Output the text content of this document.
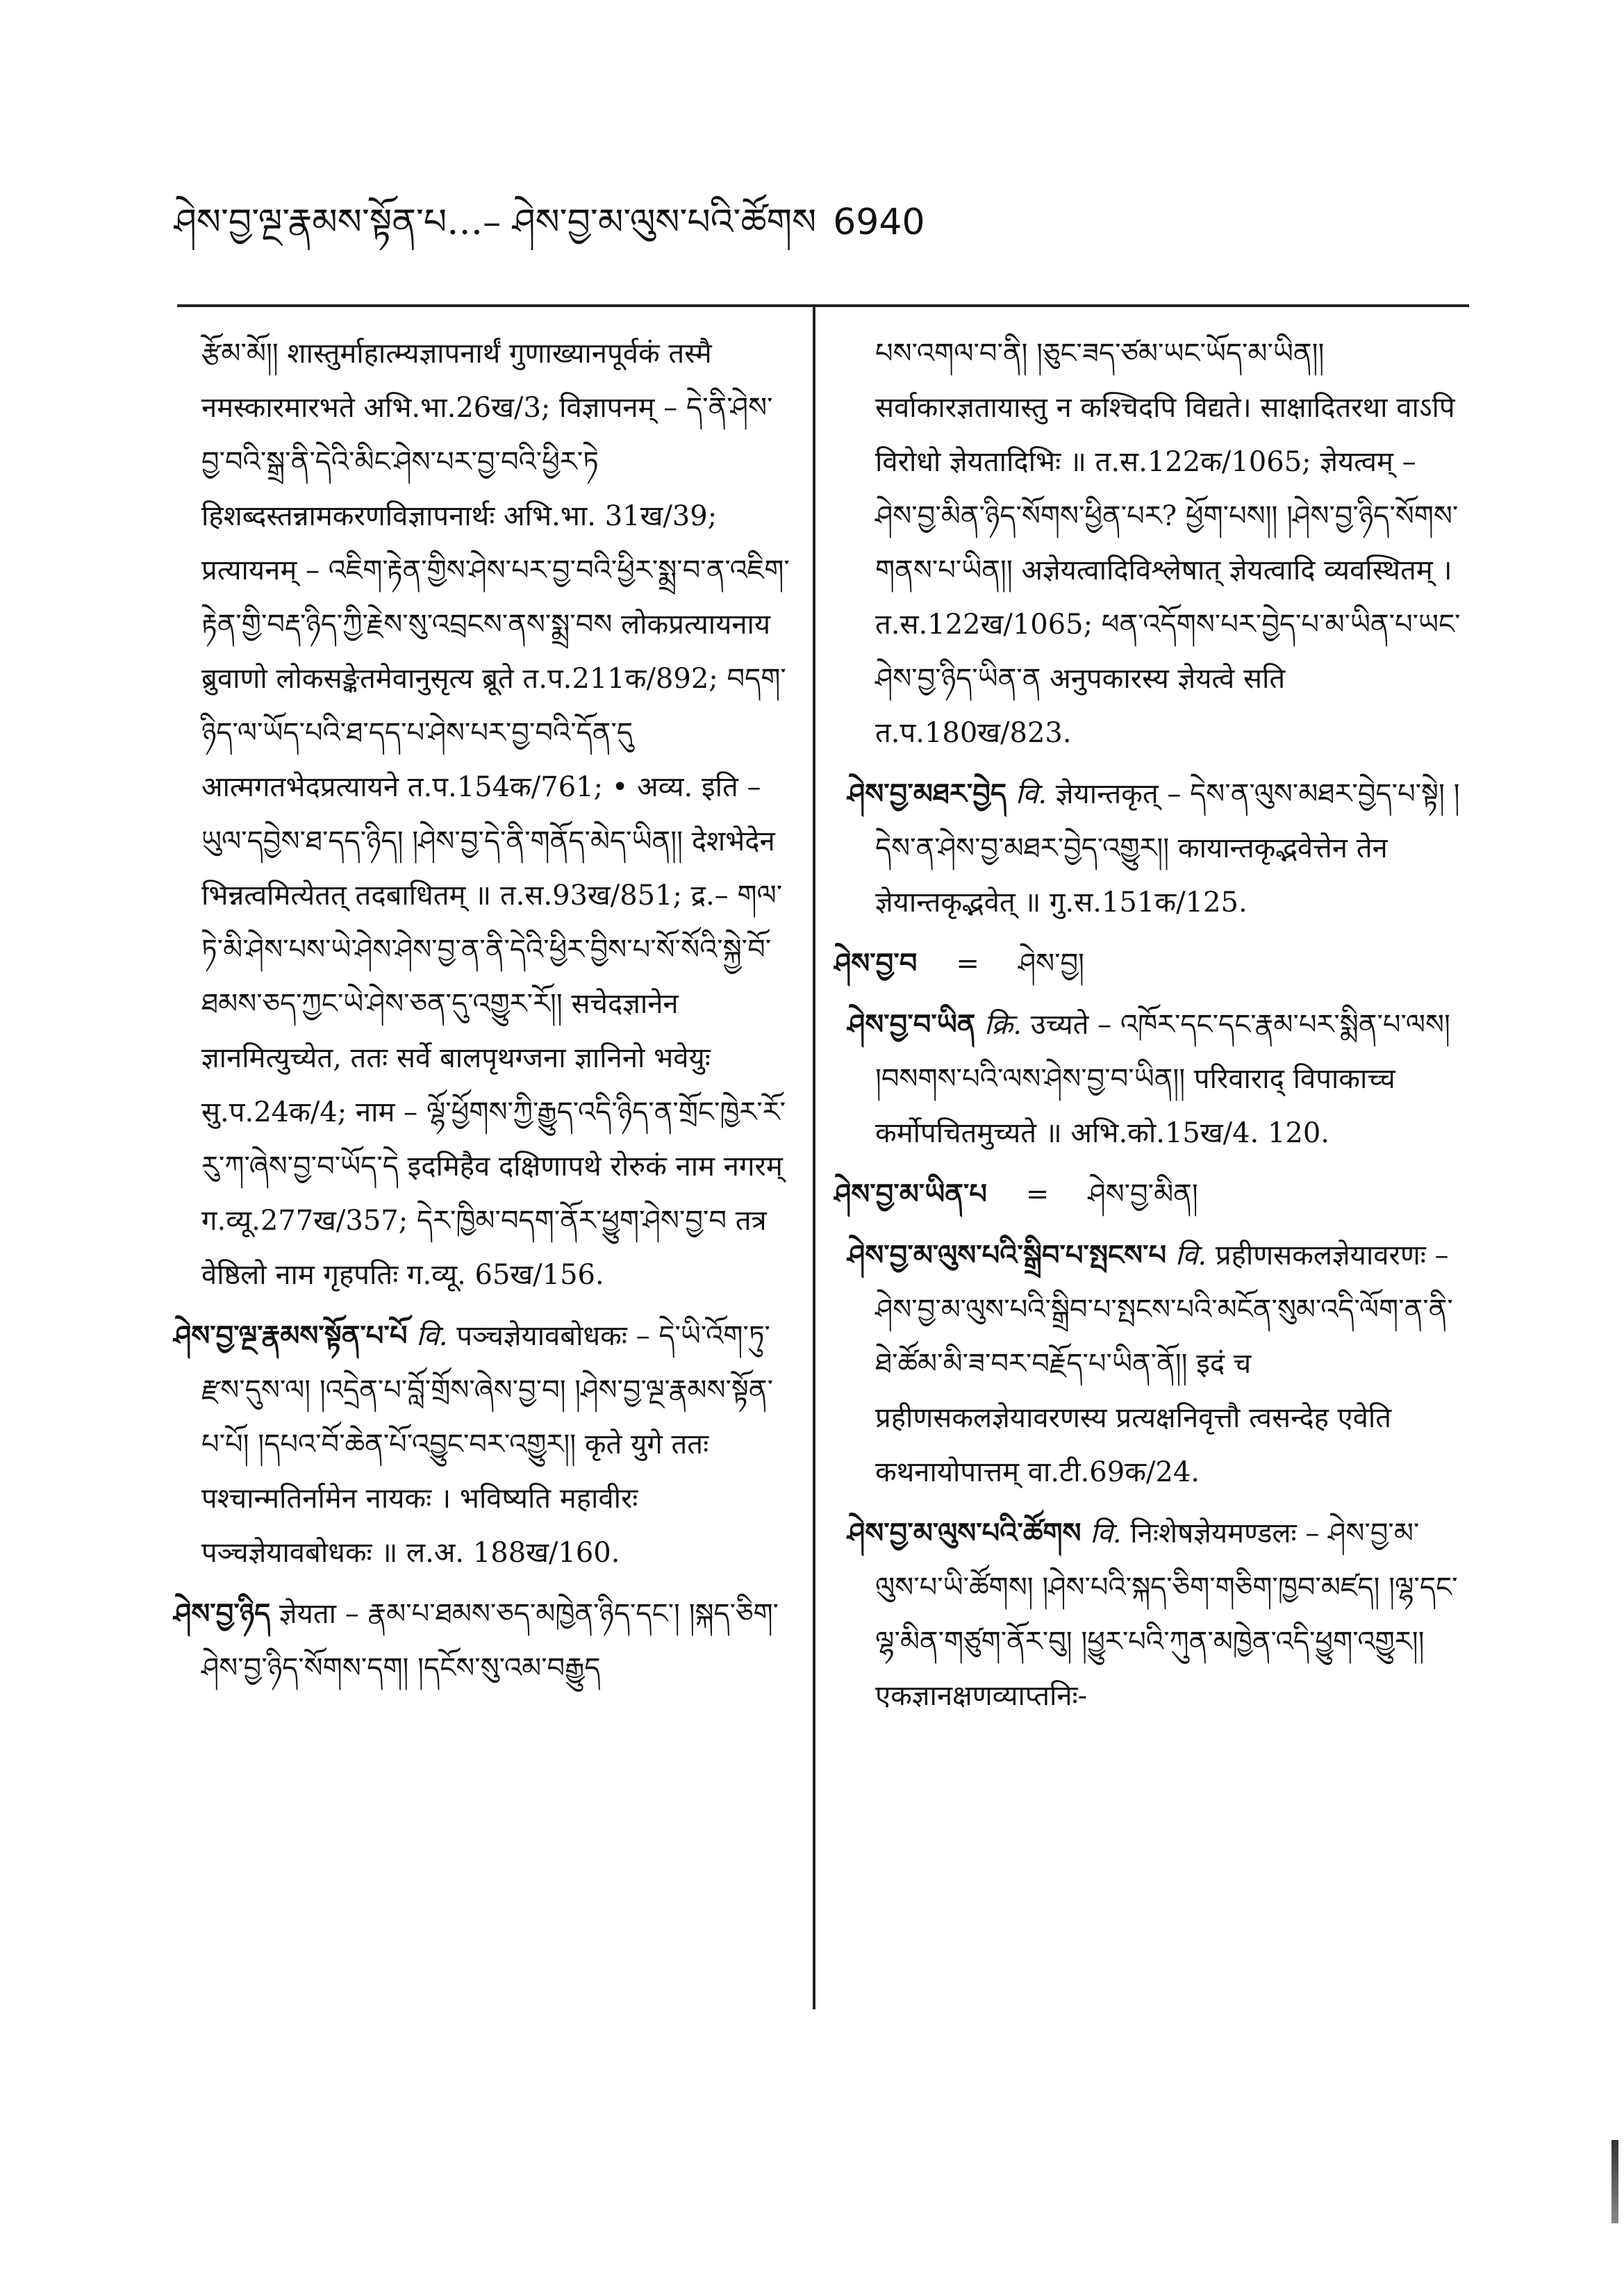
ཤེས་བྱ་ལྔ་རྣམས་སྟོན་པ…– ཤེས་བྱ་མ་ལུས་པའི་ཚོགས 6940

རྩོམ་མོ།། शास्तुर्माहात्म्यज्ञापनार्थं गुणाख्यानपूर्वकं तस्मै नमस्कारमारभते अभि.भा.26ख/3; विज्ञापनम् – དེ་ནི་ཤེས་བྱ་བའི་སྒྲ་ནི་དེའི་མིང་ཤེས་པར་བྱ་བའི་ཕྱིར་ཏེ हिशब्दस्तन्नामकरणविज्ञापनार्थः अभि.भा. 31ख/39; प्रत्यायनम् – འཇིག་རྟེན་གྱིས་ཤེས་པར་བྱ་བའི་ཕྱིར་སྨྲ་བ་ན་འཇིག་རྟེན་གྱི་བརྡ་ཉིད་ཀྱི་རྗེས་སུ་འབྲངས་ནས་སྨྲ་བས लोकप्रत्यायनाय ब्रुवाणो लोकसङ्केतमेवानुसृत्य ब्रूते त.प.211क/892; བདག་ཉིད་ལ་ཡོད་པའི་ཐ་དད་པ་ཤེས་པར་བྱ་བའི་དོན་དུ आत्मगतभेदप्रत्यायने त.प.154क/761; • अव्य. इति – ཡུལ་དབྱེས་ཐ་དད་ཉིད། །ཤེས་བྱ་དེ་ནི་གནོད་མེད་ཡིན།། देशभेदेन भिन्नत्वमित्येतत् तदबाधितम् ॥ त.स.93ख/851; द्र.– གལ་ཏེ་མི་ཤེས་པས་ཡེ་ཤེས་ཤེས་བྱ་ན་ནི་དེའི་ཕྱིར་བྱིས་པ་སོ་སོའི་སྐྱེ་བོ་ཐམས་ཅད་ཀྱང་ཡེ་ཤེས་ཅན་དུ་འགྱུར་རོ།། सचेदज्ञानेन ज्ञानमित्युच्येत, ततः सर्वे बालपृथग्जना ज्ञानिनो भवेयुः सु.प.24क/4; नाम – ལྷོ་ཕྱོགས་ཀྱི་རྒྱུད་འདི་ཉིད་ན་གྲོང་ཁྱེར་རོ་རུ་ཀ་ཞེས་བྱ་བ་ཡོད་དེ इदमिहैव दक्षिणापथे रोरुकं नाम नगरम् ग.व्यू.277ख/357; དེར་ཁྱིམ་བདག་ནོར་ཕྱུག་ཤེས་བྱ་བ तत्र वेष्ठिलो नाम गृहपतिः ग.व्यू. 65ख/156.

ཤེས་བྱ་ལྔ་རྣམས་སྟོན་པ་པོ वि. पञ्चज्ञेयावबोधकः – དེ་ཡི་འོག་ཏུ་རྫས་དུས་ལ། །འདྲེན་པ་བློ་གྲོས་ཞེས་བྱ་བ། །ཤེས་བྱ་ལྔ་རྣམས་སྟོན་པ་པོ། །དཔའ་བོ་ཆེན་པོ་འབྱུང་བར་འགྱུར།། कृते युगे ततः पश्चान्मतिर्नामेन नायकः । भविष्यति महावीरः पञ्चज्ञेयावबोधकः ॥ ल.अ. 188ख/160.

ཤེས་བྱ་ཉིད ज्ञेयता – རྣམ་པ་ཐམས་ཅད་མཁྱེན་ཉིད་དང་། །སྐད་ཅིག་ཤེས་བྱ་ཉིད་སོགས་དག། །དངོས་སུ་འམ་བརྒྱུད

པས་འགལ་བ་ནི། །ཅུང་ཟད་ཙམ་ཡང་ཡོད་མ་ཡིན།། सर्वाकारज्ञतायास्तु न कश्चिदपि विद्यते। साक्षादितरथा वाऽपि विरोधो ज्ञेयतादिभिः ॥ त.स.122क/1065; ज्ञेयत्वम् – ཤེས་བྱ་མིན་ཉིད་སོགས་ཕྱིན་པར? ཕྱོག་པས།། །ཤེས་བྱ་ཉིད་སོགས་གནས་པ་ཡིན།། अज्ञेयत्वादिविश्लेषात् ज्ञेयत्वादि व्यवस्थितम् । त.स.122ख/1065; ཕན་འདོགས་པར་བྱེད་པ་མ་ཡིན་པ་ཡང་ཤེས་བྱ་ཉིད་ཡིན་ན अनुपकारस्य ज्ञेयत्वे सति त.प.180ख/823.

ཤེས་བྱ་མཐར་བྱེད वि. ज्ञेयान्तकृत् – དེས་ན་ལུས་མཐར་བྱེད་པ་སྟེ། །དེས་ན་ཤེས་བྱ་མཐར་བྱེད་འགྱུར།། कायान्तकृद्भवेत्तेन तेन ज्ञेयान्तकृद्भवेत् ॥ गु.स.151क/125.

ཤེས་བྱ་བ = ཤེས་བྱ།

ཤེས་བྱ་བ་ཡིན क्रि. उच्यते – འཁོར་དང་དང་རྣམ་པར་སྨིན་པ་ལས། །བསགས་པའི་ལས་ཤེས་བྱ་བ་ཡིན།། परिवाराद् विपाकाच्च कर्मोपचितमुच्यते ॥ अभि.को.15ख/4. 120.

ཤེས་བྱ་མ་ཡིན་པ = ཤེས་བྱ་མིན།

ཤེས་བྱ་མ་ལུས་པའི་སྒྲིབ་པ་སྤངས་པ वि. प्रहीणसकलज्ञेयावरणः – ཤེས་བྱ་མ་ལུས་པའི་སྒྲིབ་པ་སྤངས་པའི་མངོན་སུམ་འདི་ལོག་ན་ནི་ཐེ་ཚོམ་མི་ཟ་བར་བརྗོད་པ་ཡིན་ནོ།། इदं च प्रहीणसकलज्ञेयावरणस्य प्रत्यक्षनिवृत्तौ त्वसन्देह एवेति कथनायोपात्तम् वा.टी.69क/24.

ཤེས་བྱ་མ་ལུས་པའི་ཚོགས वि. निःशेषज्ञेयमण्डलः – ཤེས་བྱ་མ་ལུས་པ་ཡི་ཚོགས། །ཤེས་པའི་སྐད་ཅིག་གཅིག་ཁྱབ་མཛད། །ལྷ་དང་ལྷ་མིན་གཙུག་ནོར་བུ། །ཕྱུར་པའི་ཀུན་མཁྱེན་འདི་ཕྱུག་འགྱུར།། एकज्ञानक्षणव्याप्तनिः-
